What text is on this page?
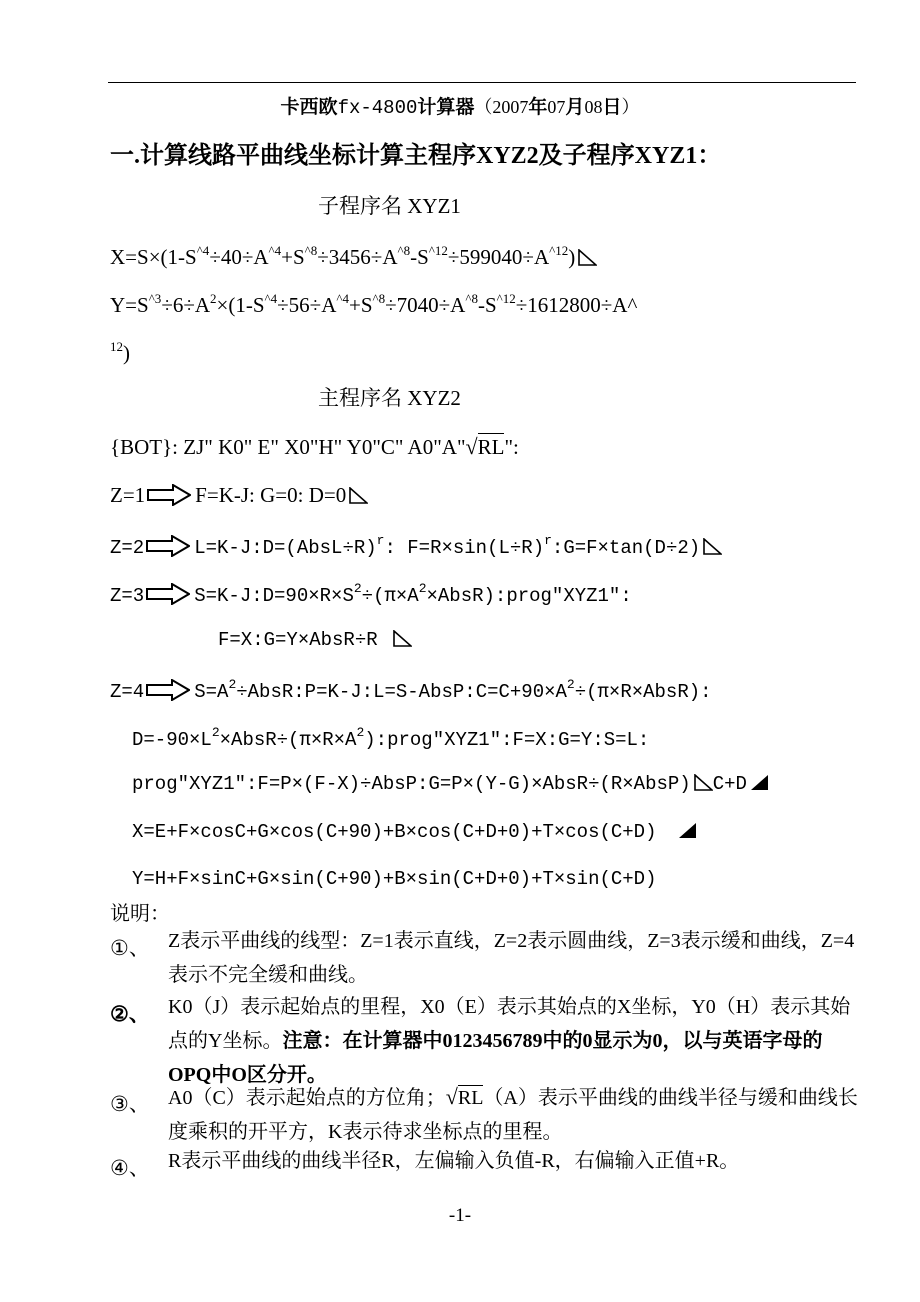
卡西欧fx-4800计算器（2007年07月08日）
一.计算线路平曲线坐标计算主程序XYZ2及子程序XYZ1：
子程序名 XYZ1
$X=S\times(1-S^{\^{}4}\div 40\div A^{\^{}4}+S^{\^{}8}\div 3456\div A^{\^{}8}-S^{\^{}12}\div 599040\div A^{\^{}12})$
$Y=S^{\^{}3}\div 6\div A^2\times(1-S^{\^{}4}\div 56\div A^{\^{}4}+S^{\^{}8}\div 7040\div A^{\^{}8}-S^{\^{}12}\div 1612800\div A\^{}$
$^{12}$)
主程序名 XYZ2
{BOT}: ZJ" K0" E" X0"H" Y0"C" A0"A"√RL":
Z=1 F=K-J: G=0: D=0
Z=2	L=K-J:D=(AbsL÷R)$^r$: $F=R\times\sin(L\div R)^r:G=F\times\tan(D\div 2)$
Z=3	$S=K-J:D=90\times R\times S^2\div(\pi\times A^2\times AbsR):prog"XYZ1$":
F=X:G=Y×AbsR÷R
Z=4	$S=A^2\div AbsR:P=K-J:L=S-AbsP:C=C+90\times A^2\div(\pi\times R\times AbsR)$:
$D=-90\times L^2\times AbsR\div(\pi\times R\times A^2):prog"XYZ1":F=X:G=Y:S=L$:
prog"XYZ1":F=P×(F-X)÷AbsP:G=P×(Y-G)×AbsR÷(R×AbsP) C+D
X=E+F×cosC+G×cos(C+90)+B×cos(C+D+0)+T×cos(C+D)
Y=H+F×sinC+G×sin(C+90)+B×sin(C+D+0)+T×sin(C+D)
说明：
①、 Z表示平曲线的线型：Z=1表示直线，Z=2表示圆曲线，Z=3表示缓和曲线，Z=4表示不完全缓和曲线。
②、 K0（J）表示起始点的里程，X0（E）表示其始点的X坐标，Y0（H）表示其始点的Y坐标。注意：在计算器中0123456789中的0显示为0，以与英语字母的OPQ中O区分开。
③、 A0（C）表示起始点的方位角；√RL（A）表示平曲线的曲线半径与缓和曲线长度乘积的开平方，K表示待求坐标点的里程。
④、 R表示平曲线的曲线半径R，左偏输入负值-R，右偏输入正值+R。
-1-
